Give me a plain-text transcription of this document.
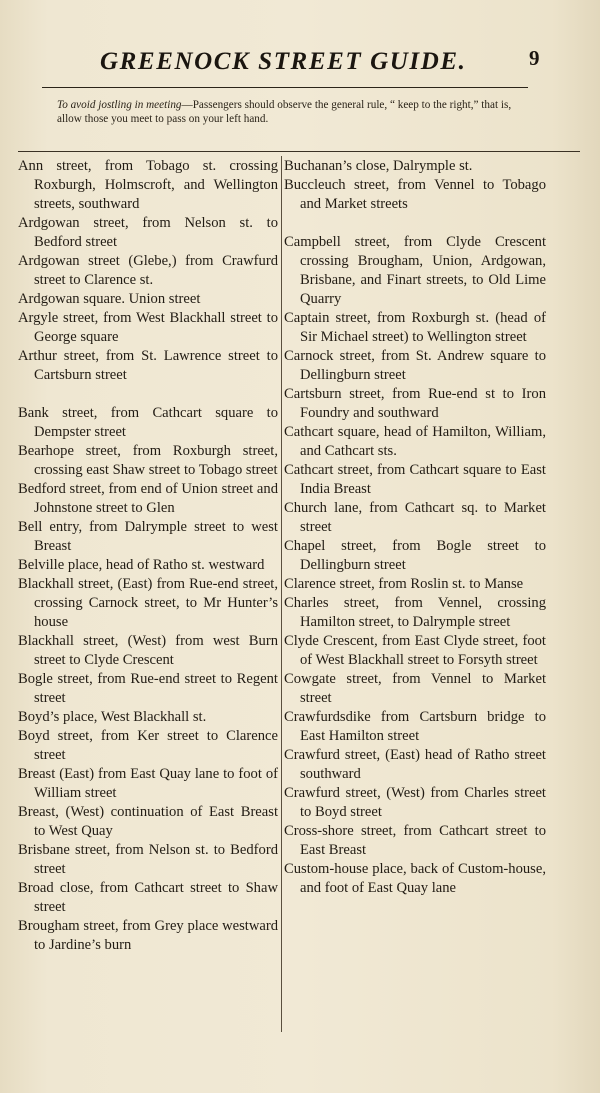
GREENOCK STREET GUIDE.	9
To avoid jostling in meeting—Passengers should observe the general rule, “ keep to the right,” that is, allow those you meet to pass on your left hand.

Ann street, from Tobago st. crossing Roxburgh, Holmscroft, and Wellington streets, southward

Ardgowan street, from Nelson st. to Bedford street

Ardgowan street (Glebe,) from Crawfurd street to Clarence st.

Ardgowan square. Union street

Argyle street, from West Blackhall street to George square

Arthur street, from St. Lawrence street to Cartsburn street

Bank street, from Cathcart square to Dempster street

Bearhope street, from Roxburgh street, crossing east Shaw street to Tobago street

Bedford street, from end of Union street and Johnstone street to Glen

Bell entry, from Dalrymple street to west Breast

Belville place, head of Ratho st. westward

Blackhall street, (East) from Rue-end street, crossing Carnock street, to Mr Hunter’s house

Blackhall street, (West) from west Burn street to Clyde Crescent

Bogle street, from Rue-end street to Regent street

Boyd’s place, West Blackhall st.

Boyd street, from Ker street to Clarence street

Breast (East) from East Quay lane to foot of William street

Breast, (West) continuation of East Breast to West Quay

Brisbane street, from Nelson st. to Bedford street

Broad close, from Cathcart street to Shaw street

Brougham street, from Grey place westward to Jardine’s burn

Buchanan’s close, Dalrymple st.

Buccleuch street, from Vennel to Tobago and Market streets

Campbell street, from Clyde Crescent crossing Brougham, Union, Ardgowan, Brisbane, and Finart streets, to Old Lime Quarry

Captain street, from Roxburgh st. (head of Sir Michael street) to Wellington street

Carnock street, from St. Andrew square to Dellingburn street

Cartsburn street, from Rue-end st to Iron Foundry and southward

Cathcart square, head of Hamilton, William, and Cathcart sts.

Cathcart street, from Cathcart square to East India Breast

Church lane, from Cathcart sq. to Market street

Chapel street, from Bogle street to Dellingburn street

Clarence street, from Roslin st. to Manse

Charles street, from Vennel, crossing Hamilton street, to Dalrymple street

Clyde Crescent, from East Clyde street, foot of West Blackhall street to Forsyth street

Cowgate street, from Vennel to Market street

Crawfurdsdike from Cartsburn bridge to East Hamilton street

Crawfurd street, (East) head of Ratho street southward

Crawfurd street, (West) from Charles street to Boyd street

Cross-shore street, from Cathcart street to East Breast

Custom-house place, back of Custom-house, and foot of East Quay lane
